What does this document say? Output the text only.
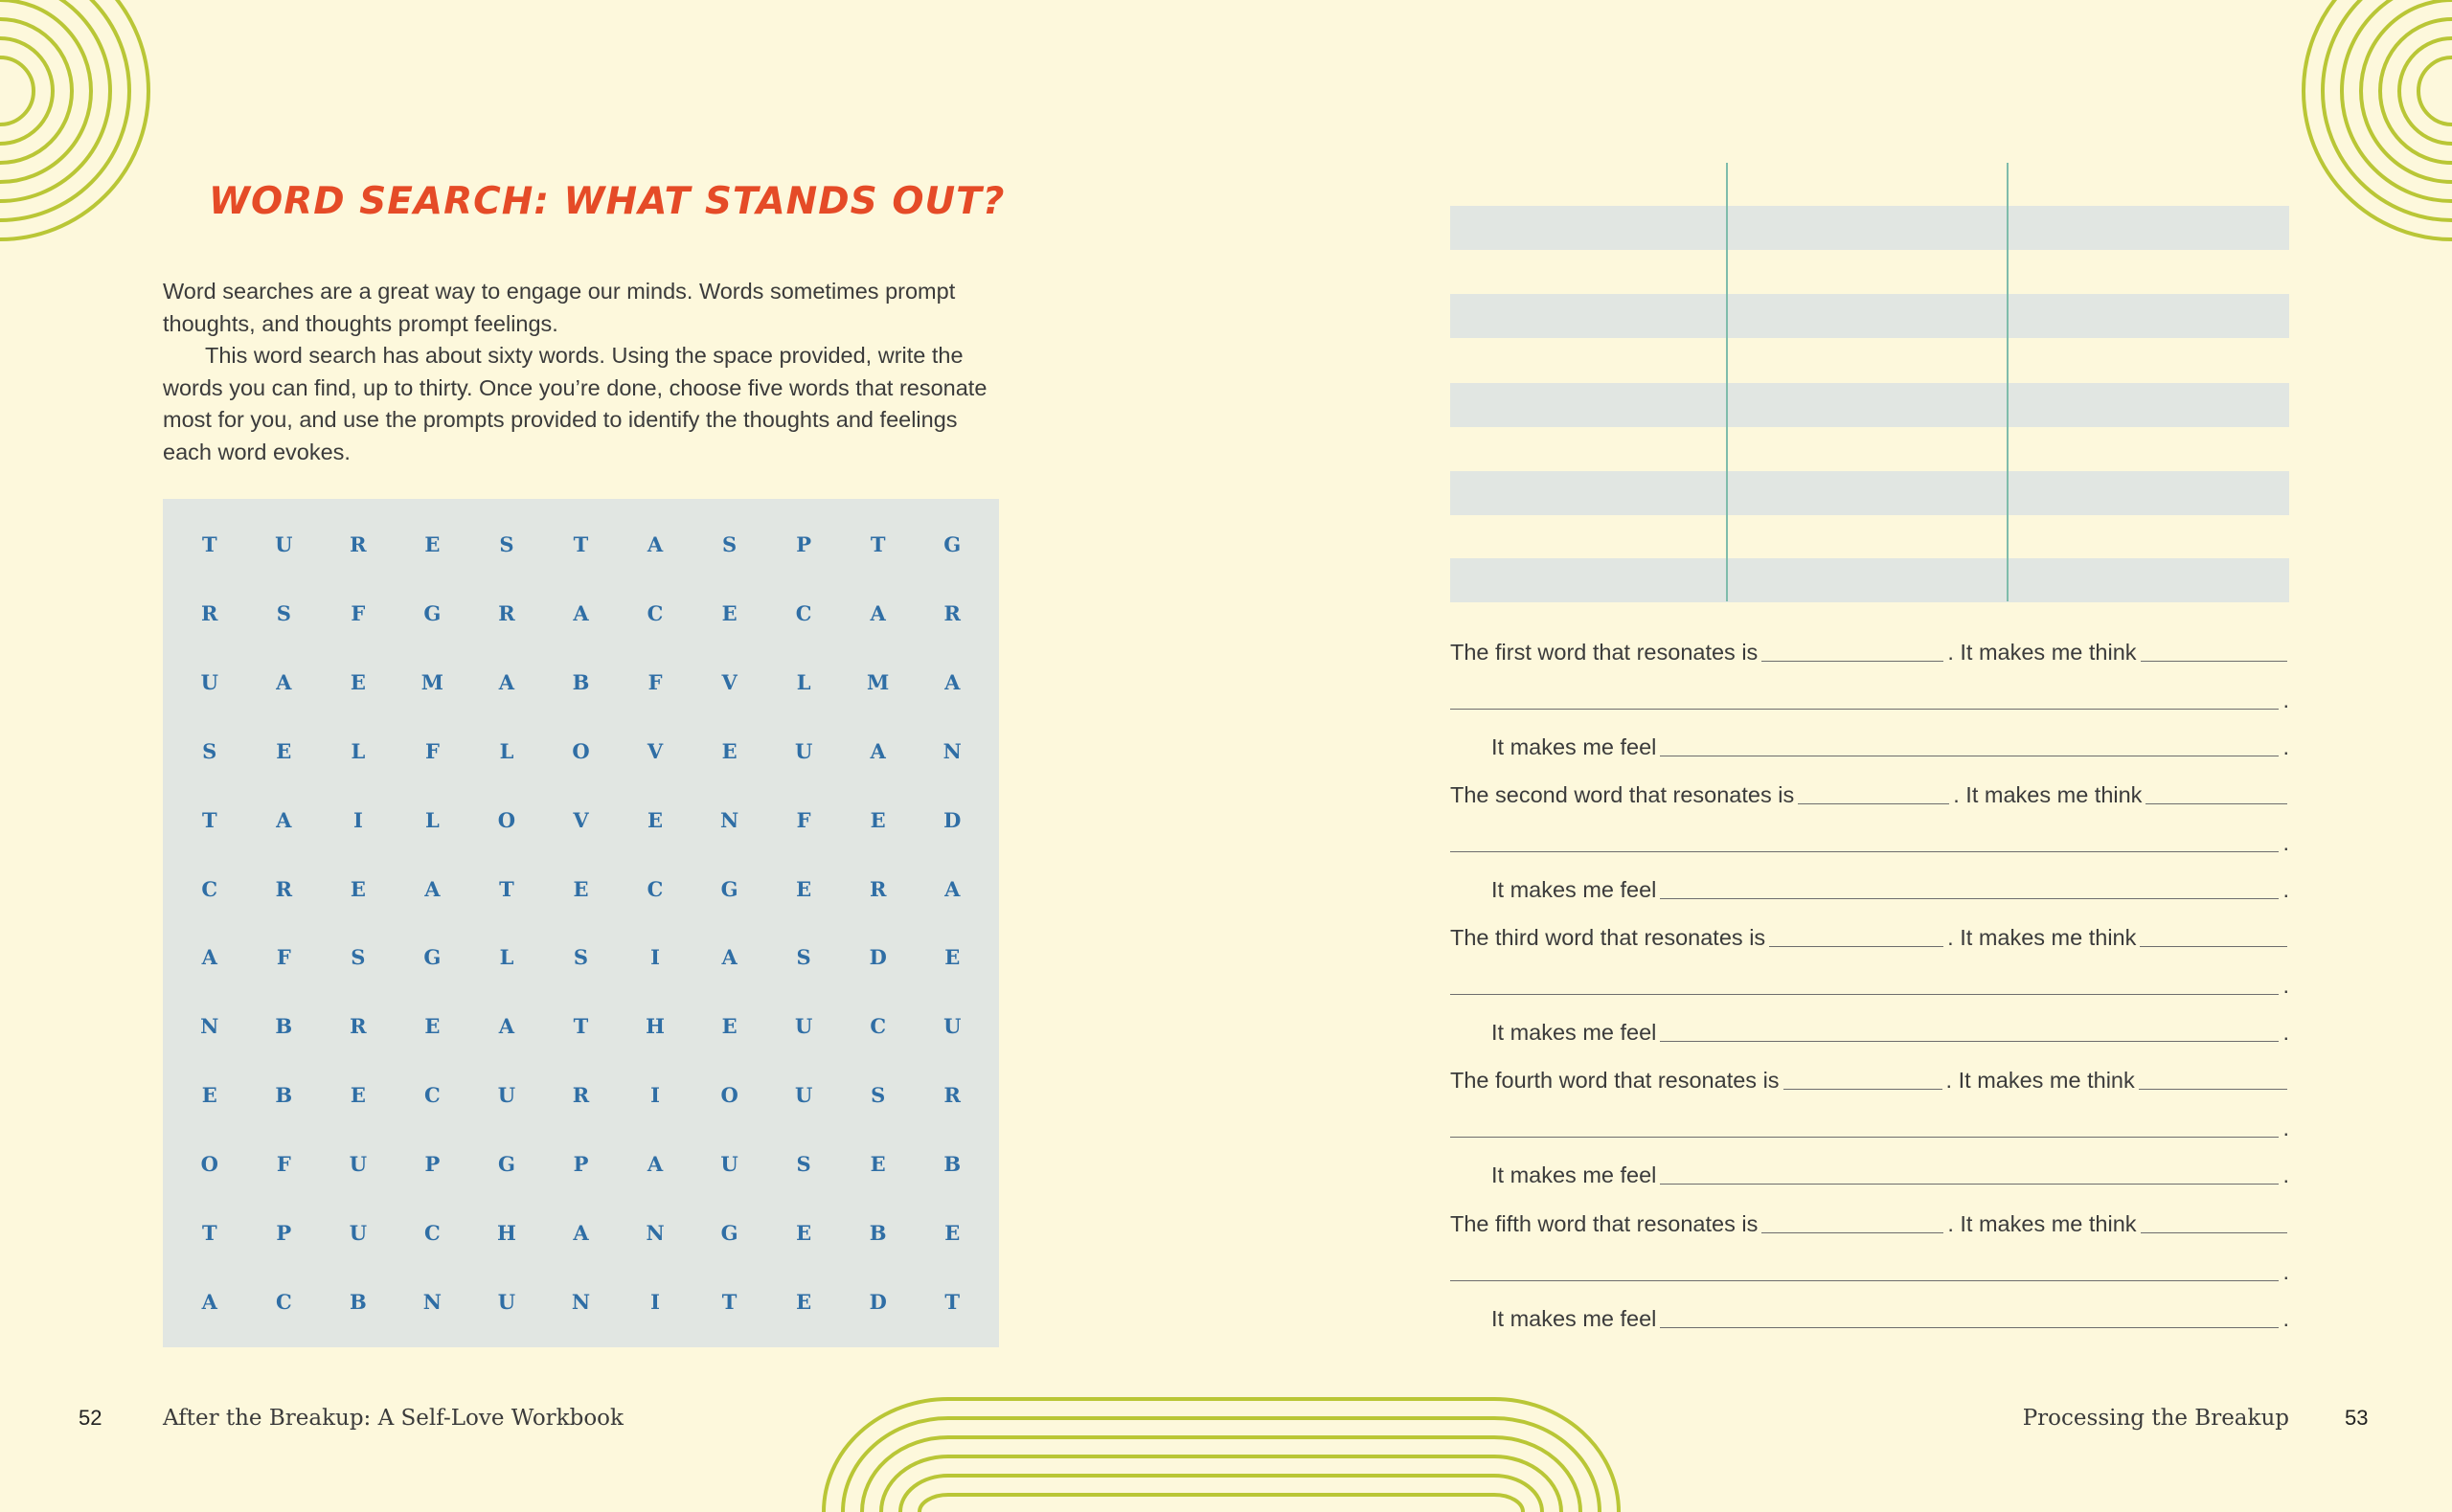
WORD SEARCH: WHAT STANDS OUT?

Word searches are a great way to engage our minds. Words sometimes prompt thoughts, and thoughts prompt feelings.

This word search has about sixty words. Using the space provided, write the words you can find, up to thirty. Once you’re done, choose five words that resonate most for you, and use the prompts provided to identify the thoughts and feelings each word evokes.

T	U	R	E	S	T	A	S	P	T	G
R	S	F	G	R	A	C	E	C	A	R
U	A	E	M	A	B	F	V	L	M	A
S	E	L	F	L	O	V	E	U	A	N
T	A	I	L	O	V	E	N	F	E	D
C	R	E	A	T	E	C	G	E	R	A
A	F	S	G	L	S	I	A	S	D	E
N	B	R	E	A	T	H	E	U	C	U
E	B	E	C	U	R	I	O	U	S	R
O	F	U	P	G	P	A	U	S	E	B
T	P	U	C	H	A	N	G	E	B	E
A	C	B	N	U	N	I	T	E	D	T
The first word that resonates is	. It makes me think
.
It makes me feel	.
The second word that resonates is	. It makes me think
.
It makes me feel	.
The third word that resonates is	. It makes me think
.
It makes me feel	.
The fourth word that resonates is	. It makes me think
.
It makes me feel	.
The fifth word that resonates is	. It makes me think
.
It makes me feel	.
52	After the Breakup: A Self-Love Workbook	Processing the Breakup	53
